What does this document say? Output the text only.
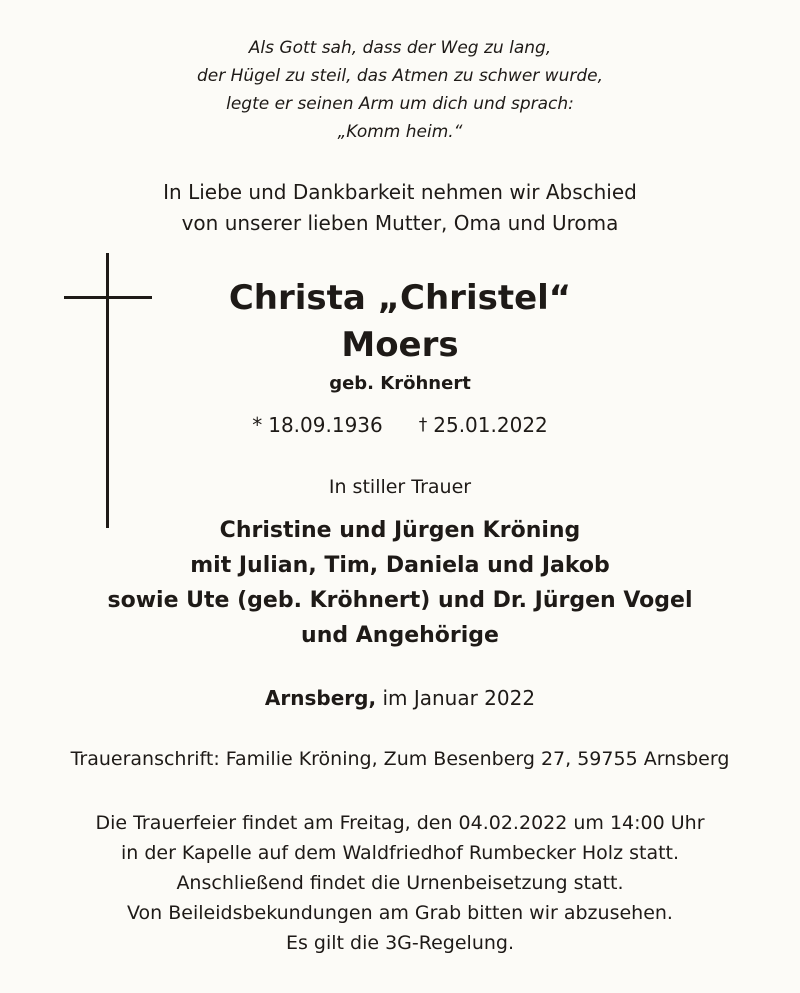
Als Gott sah, dass der Weg zu lang,
der Hügel zu steil, das Atmen zu schwer wurde,
legte er seinen Arm um dich und sprach:
„Komm heim.“
In Liebe und Dankbarkeit nehmen wir Abschied
von unserer lieben Mutter, Oma und Uroma
Christa „Christel“
Moers
geb. Kröhnert
* 18.09.1936 † 25.01.2022
In stiller Trauer
Christine und Jürgen Kröning
mit Julian, Tim, Daniela und Jakob
sowie Ute (geb. Kröhnert) und Dr. Jürgen Vogel
und Angehörige
Arnsberg, im Januar 2022
Traueranschrift: Familie Kröning, Zum Besenberg 27, 59755 Arnsberg
Die Trauerfeier findet am Freitag, den 04.02.2022 um 14:00 Uhr
in der Kapelle auf dem Waldfriedhof Rumbecker Holz statt.
Anschließend findet die Urnenbeisetzung statt.
Von Beileidsbekundungen am Grab bitten wir abzusehen.
Es gilt die 3G-Regelung.
